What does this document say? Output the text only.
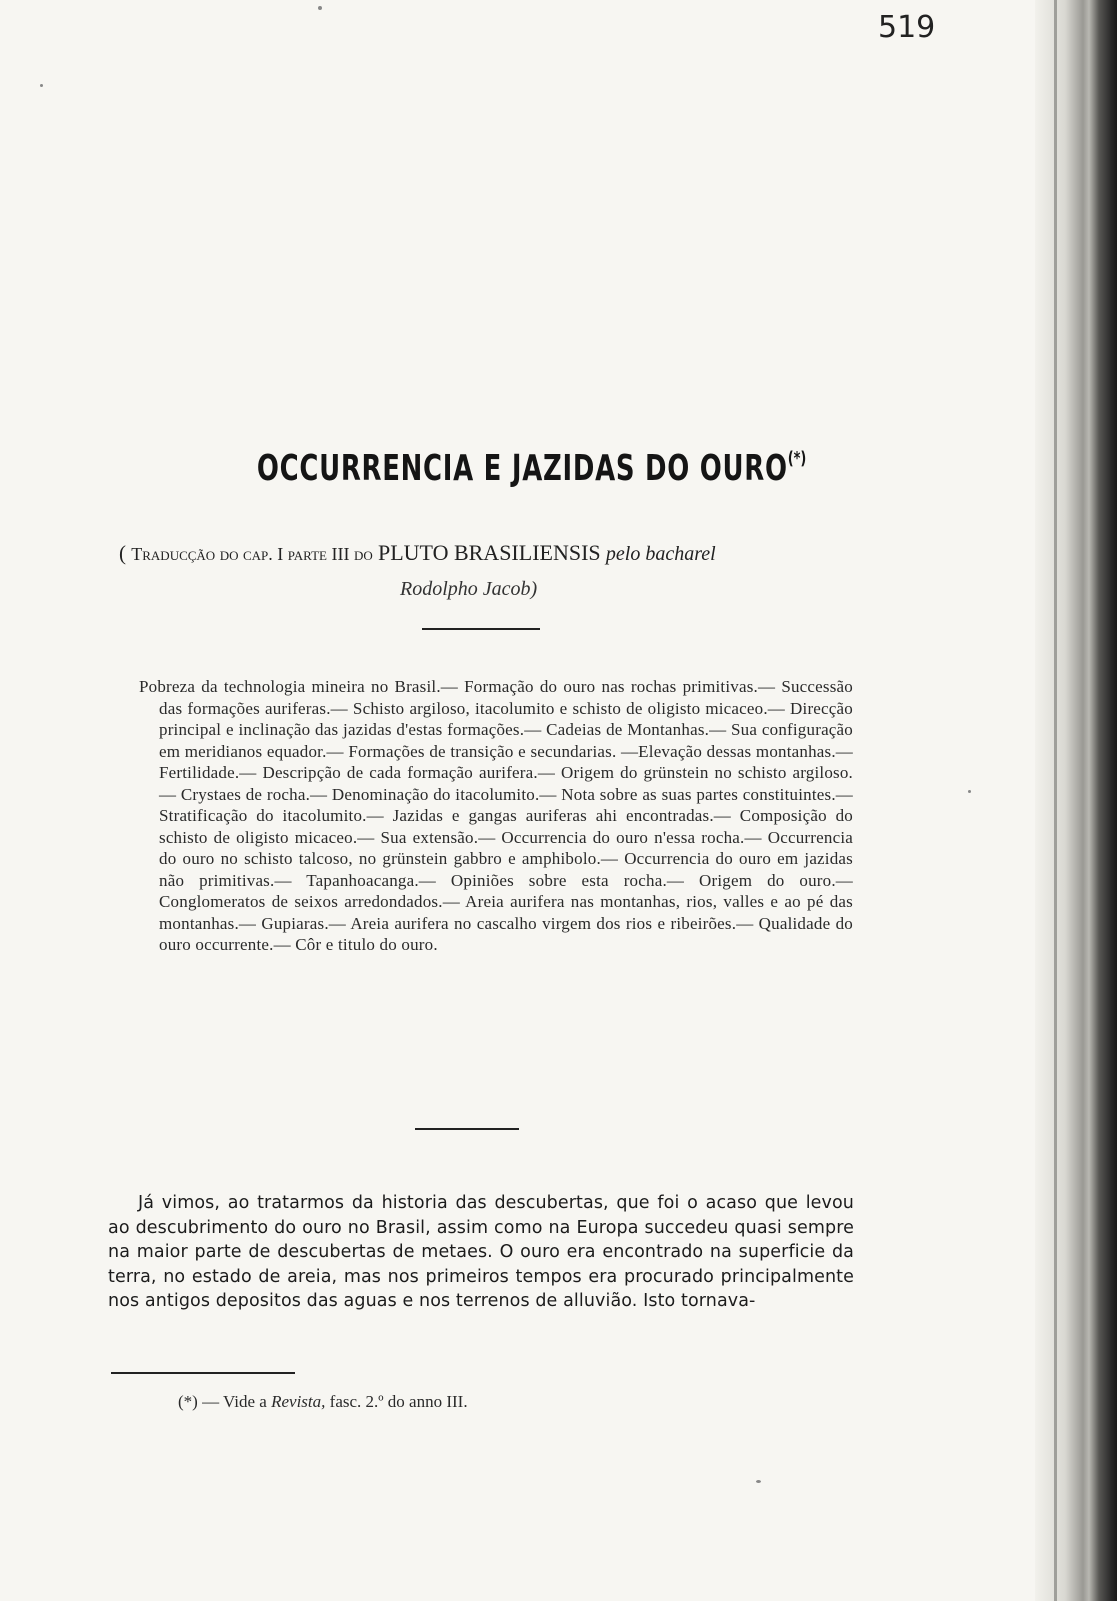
519
OCCURRENCIA E JAZIDAS DO OURO(*)
( Traducção do cap. I parte III do PLUTO BRASILIENSIS pelo bacharel
Rodolpho Jacob)
Pobreza da technologia mineira no Brasil.— Formação do ouro nas rochas primitivas.— Successão das formações auriferas.— Schisto argiloso, itacolumito e schisto de oligisto micaceo.— Direcção principal e inclinação das jazidas d'estas formações.— Cadeias de Montanhas.— Sua configuração em meridianos equador.— Formações de transição e secundarias. —Elevação dessas montanhas.— Fertilidade.— Descripção de cada formação aurifera.— Origem do grünstein no schisto argiloso.— Crystaes de rocha.— Denominação do itacolumito.— Nota sobre as suas partes constituintes.— Stratificação do itacolumito.— Jazidas e gangas auriferas ahi encontradas.— Composição do schisto de oligisto micaceo.— Sua extensão.— Occurrencia do ouro n'essa rocha.— Occurrencia do ouro no schisto talcoso, no grünstein gabbro e amphibolo.— Occurrencia do ouro em jazidas não primitivas.— Tapanhoacanga.— Opiniões sobre esta rocha.— Origem do ouro.— Conglomeratos de seixos arredondados.— Areia aurifera nas montanhas, rios, valles e ao pé das montanhas.— Gupiaras.— Areia aurifera no cascalho virgem dos rios e ribeirões.— Qualidade do ouro occurrente.— Côr e titulo do ouro.
Já vimos, ao tratarmos da historia das descubertas, que foi o acaso que levou ao descubrimento do ouro no Brasil, assim como na Europa succedeu quasi sempre na maior parte de descubertas de metaes. O ouro era encontrado na superficie da terra, no estado de areia, mas nos primeiros tempos era procurado principalmente nos antigos depositos das aguas e nos terrenos de alluvião. Isto tornava-
(*) — Vide a Revista, fasc. 2.º do anno III.
